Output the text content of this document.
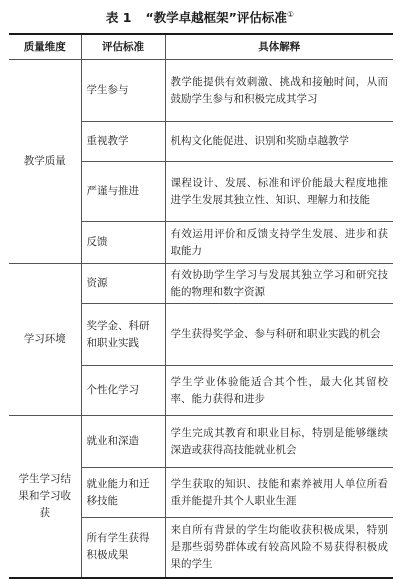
表 1 “教学卓越框架”评估标准①
质量维度	评估标准	具体解释
教学质量	学生参与	教学能提供有效刺激、挑战和接触时间，从而鼓励学生参与和积极完成其学习
	重视教学	机构文化能促进、识别和奖励卓越教学
	严谨与推进	课程设计、发展、标准和评价能最大程度地推进学生发展其独立性、知识、理解力和技能
	反馈	有效运用评价和反馈支持学生发展、进步和获取能力
学习环境	资源	有效协助学生学习与发展其独立学习和研究技能的物理和数字资源
	奖学金、科研和职业实践	学生获得奖学金、参与科研和职业实践的机会
	个性化学习	学生学业体验能适合其个性，最大化其留校率、能力获得和进步
学生学习结果和学习收获	就业和深造	学生完成其教育和职业目标，特别是能够继续深造或获得高技能就业机会
	就业能力和迁移技能	学生获取的知识、技能和素养被用人单位所看重并能提升其个人职业生涯
	所有学生获得积极成果	来自所有背景的学生均能收获积极成果，特别是那些弱势群体或有较高风险不易获得积极成果的学生
